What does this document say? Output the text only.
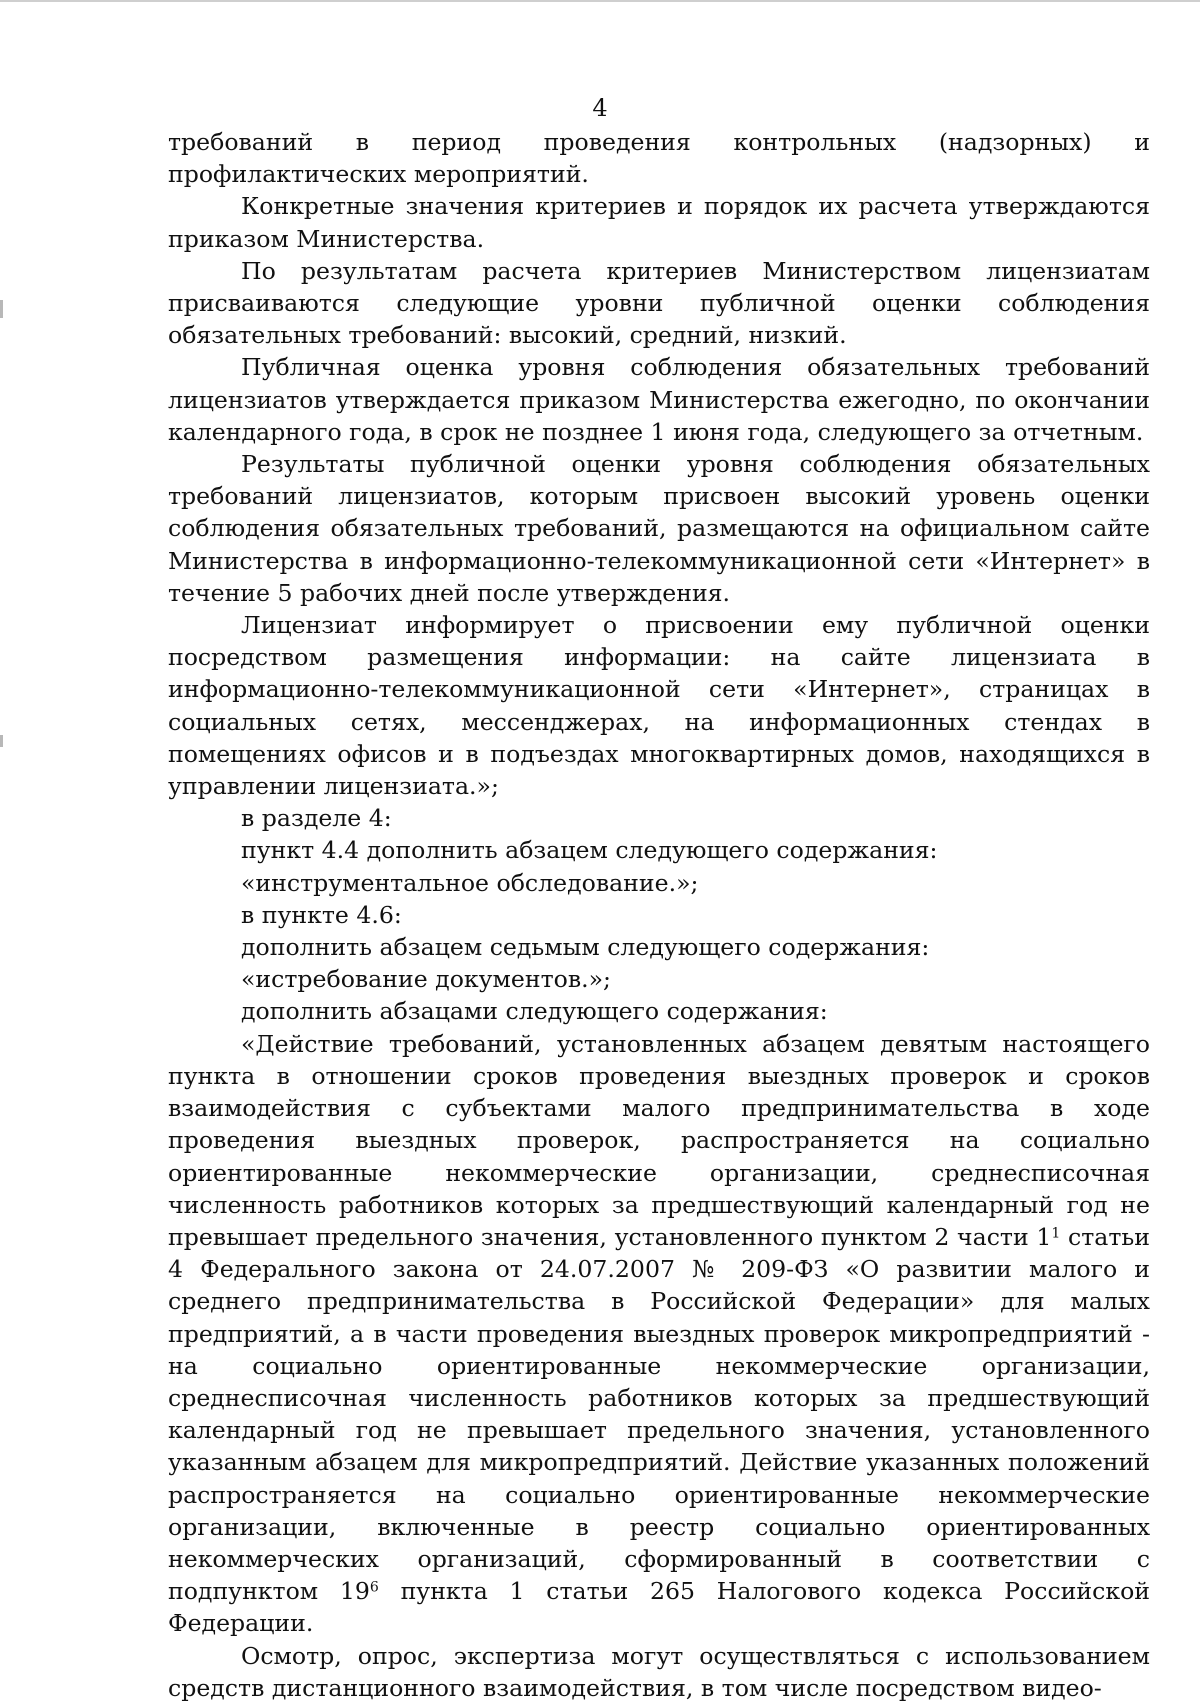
4

требований в период проведения контрольных (надзорных) и профилактических мероприятий.

Конкретные значения критериев и порядок их расчета утверждаются приказом Министерства.

По результатам расчета критериев Министерством лицензиатам присваиваются следующие уровни публичной оценки соблюдения обязательных требований: высокий, средний, низкий.

Публичная оценка уровня соблюдения обязательных требований лицензиатов утверждается приказом Министерства ежегодно, по окончании календарного года, в срок не позднее 1 июня года, следующего за отчетным.

Результаты публичной оценки уровня соблюдения обязательных требований лицензиатов, которым присвоен высокий уровень оценки соблюдения обязательных требований, размещаются на официальном сайте Министерства в информационно-телекоммуникационной сети «Интернет» в течение 5 рабочих дней после утверждения.

Лицензиат информирует о присвоении ему публичной оценки посредством размещения информации: на сайте лицензиата в информационно-телекоммуникационной сети «Интернет», страницах в социальных сетях, мессенджерах, на информационных стендах в помещениях офисов и в подъездах многоквартирных домов, находящихся в управлении лицензиата.»;

в разделе 4:

пункт 4.4 дополнить абзацем следующего содержания:

«инструментальное обследование.»;

в пункте 4.6:

дополнить абзацем седьмым следующего содержания:

«истребование документов.»;

дополнить абзацами следующего содержания:

«Действие требований, установленных абзацем девятым настоящего пункта в отношении сроков проведения выездных проверок и сроков взаимодействия с субъектами малого предпринимательства в ходе проведения выездных проверок, распространяется на социально ориентированные некоммерческие организации, среднесписочная численность работников которых за предшествующий календарный год не превышает предельного значения, установленного пунктом 2 части $1^1$ статьи 4 Федерального закона от 24.07.2007 № 209-ФЗ «О развитии малого и среднего предпринимательства в Российской Федерации» для малых предприятий, а в части проведения выездных проверок микропредприятий - на социально ориентированные некоммерческие организации, среднесписочная численность работников которых за предшествующий календарный год не превышает предельного значения, установленного указанным абзацем для микропредприятий. Действие указанных положений распространяется на социально ориентированные некоммерческие организации, включенные в реестр социально ориентированных некоммерческих организаций, сформированный в соответствии с подпунктом $19^6$ пункта 1 статьи 265 Налогового кодекса Российской Федерации.

Осмотр, опрос, экспертиза могут осуществляться с использованием средств дистанционного взаимодействия, в том числе посредством видео-
